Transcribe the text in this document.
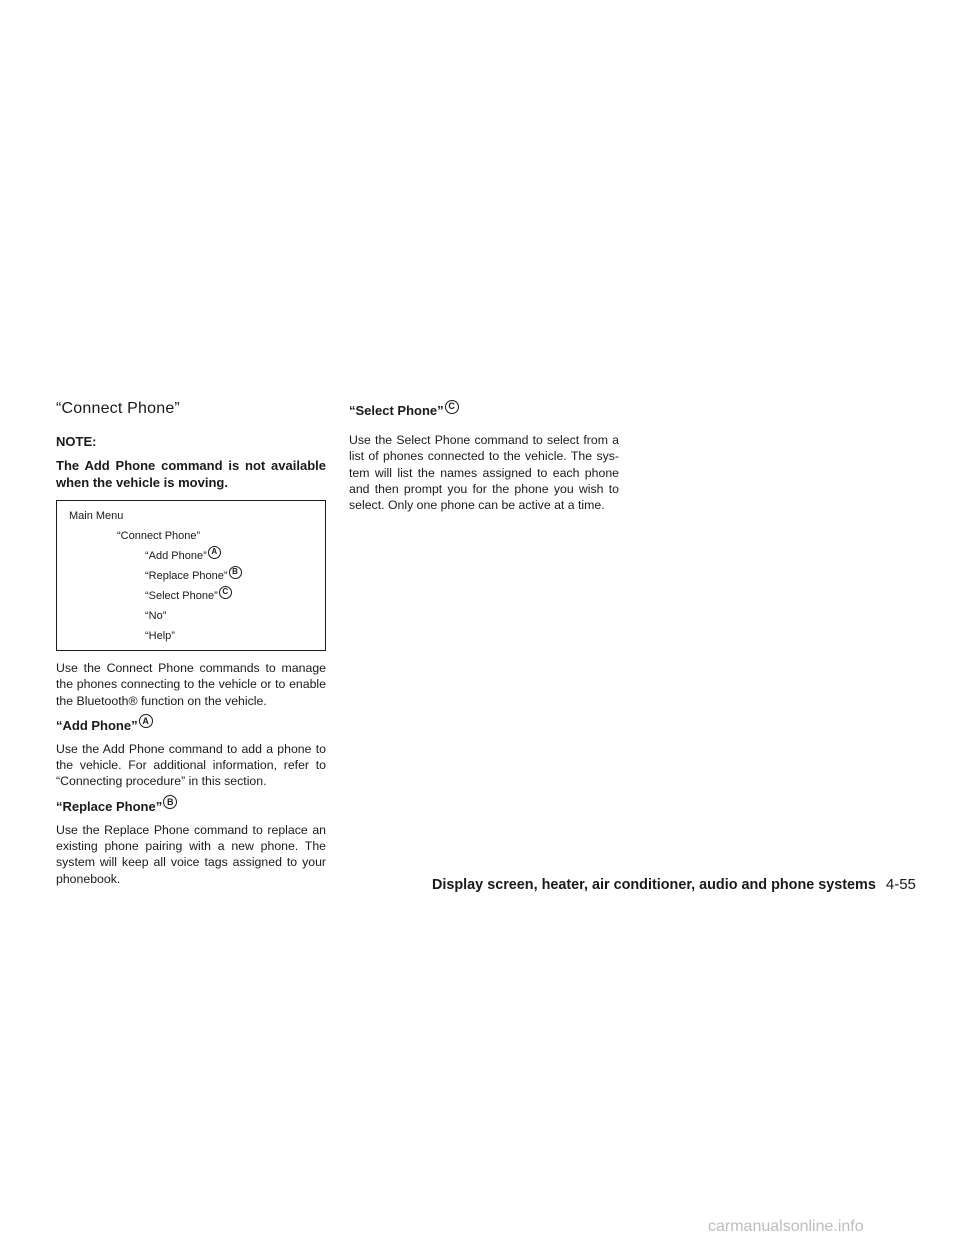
“Connect Phone”

NOTE:

The Add Phone command is not available when the vehicle is moving.

Main Menu
“Connect Phone”
“Add Phone” A
“Replace Phone” B
“Select Phone” C
“No”
“Help”

Use the Connect Phone commands to manage the phones connecting to the vehicle or to enable the Bluetooth® function on the vehicle.

“Add Phone” A

Use the Add Phone command to add a phone to the vehicle. For additional information, refer to “Connecting procedure” in this section.

“Replace Phone” B

Use the Replace Phone command to replace an existing phone pairing with a new phone. The system will keep all voice tags assigned to your phonebook.

“Select Phone” C

Use the Select Phone command to select from a list of phones connected to the vehicle. The sys-tem will list the names assigned to each phone and then prompt you for the phone you wish to select. Only one phone can be active at a time.

Display screen, heater, air conditioner, audio and phone systems 4-55
carmanualsonline.info
